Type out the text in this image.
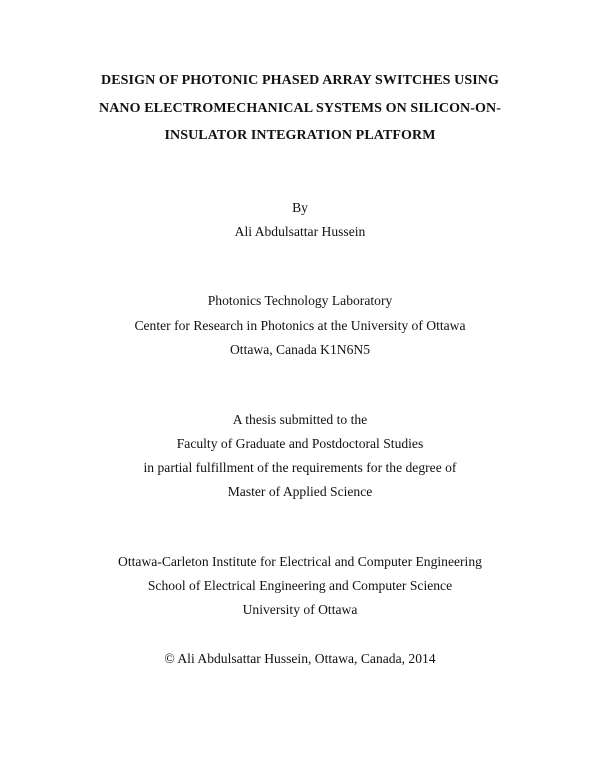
DESIGN OF PHOTONIC PHASED ARRAY SWITCHES USING
NANO ELECTROMECHANICAL SYSTEMS ON SILICON-ON-
INSULATOR INTEGRATION PLATFORM
By
Ali Abdulsattar Hussein
Photonics Technology Laboratory
Center for Research in Photonics at the University of Ottawa
Ottawa, Canada K1N6N5
A thesis submitted to the
Faculty of Graduate and Postdoctoral Studies
in partial fulfillment of the requirements for the degree of
Master of Applied Science
Ottawa-Carleton Institute for Electrical and Computer Engineering
School of Electrical Engineering and Computer Science
University of Ottawa
© Ali Abdulsattar Hussein, Ottawa, Canada, 2014
